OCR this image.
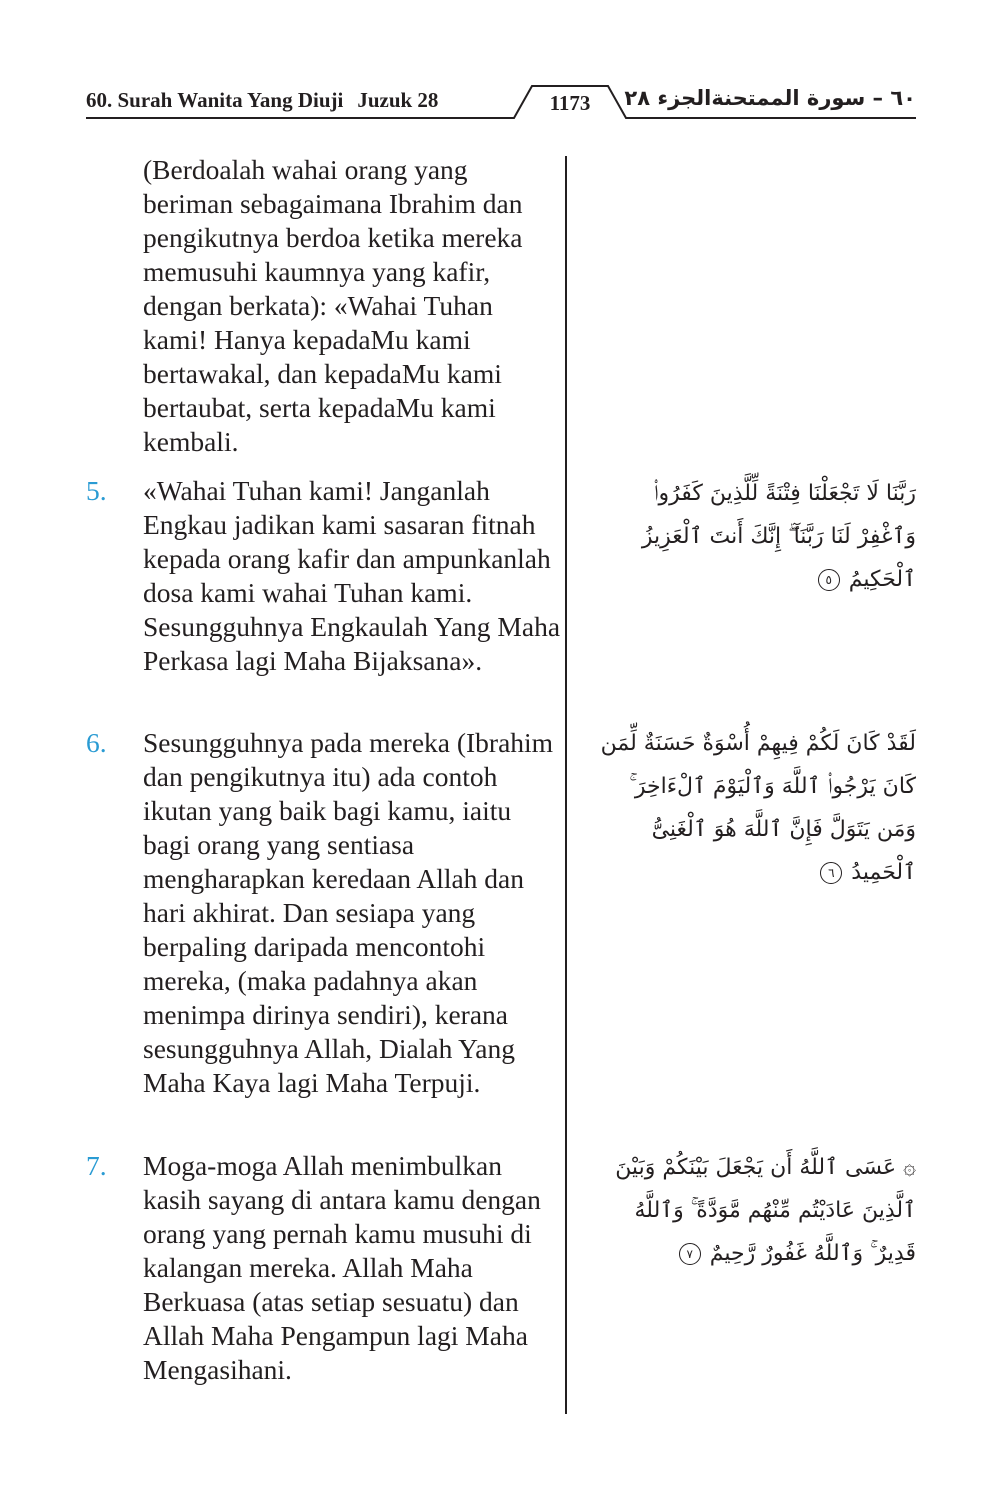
60. Surah Wanita Yang Diuji Juzuk 28	1173	٦٠ – سورة الممتحنةالجزء ٢٨
(Berdoalah wahai orang yang beriman sebagaimana Ibrahim dan pengikutnya berdoa ketika mereka memusuhi kaumnya yang kafir, dengan berkata): «Wahai Tuhan kami! Hanya kepadaMu kami bertawakal, dan kepadaMu kami bertaubat, serta kepadaMu kami kembali.
5. «Wahai Tuhan kami! Janganlah Engkau jadikan kami sasaran fitnah kepada orang kafir dan ampunkanlah dosa kami wahai Tuhan kami. Sesungguhnya Engkaulah Yang Maha Perkasa lagi Maha Bijaksana».
رَبَّنَا لَا تَجْعَلْنَا فِتْنَةً لِّلَّذِينَ كَفَرُوا۟ وَٱغْفِرْ لَنَا رَبَّنَآ ۖ إِنَّكَ أَنتَ ٱلْعَزِيزُ ٱلْحَكِيمُ ٥
6. Sesungguhnya pada mereka (Ibrahim dan pengikutnya itu) ada contoh ikutan yang baik bagi kamu, iaitu bagi orang yang sentiasa mengharapkan keredaan Allah dan hari akhirat. Dan sesiapa yang berpaling daripada mencontohi mereka, (maka padahnya akan menimpa dirinya sendiri), kerana sesungguhnya Allah, Dialah Yang Maha Kaya lagi Maha Terpuji.
لَقَدْ كَانَ لَكُمْ فِيهِمْ أُسْوَةٌ حَسَنَةٌ لِّمَن كَانَ يَرْجُوا۟ ٱللَّهَ وَٱلْيَوْمَ ٱلْءَاخِرَ ۚ وَمَن يَتَوَلَّ فَإِنَّ ٱللَّهَ هُوَ ٱلْغَنِىُّ ٱلْحَمِيدُ ٦
7. Moga-moga Allah menimbulkan kasih sayang di antara kamu dengan orang yang pernah kamu musuhi di kalangan mereka. Allah Maha Berkuasa (atas setiap sesuatu) dan Allah Maha Pengampun lagi Maha Mengasihani.
۞ عَسَى ٱللَّهُ أَن يَجْعَلَ بَيْنَكُمْ وَبَيْنَ ٱلَّذِينَ عَادَيْتُم مِّنْهُم مَّوَدَّةً ۚ وَٱللَّهُ قَدِيرٌ ۚ وَٱللَّهُ غَفُورٌ رَّحِيمٌ ٧
